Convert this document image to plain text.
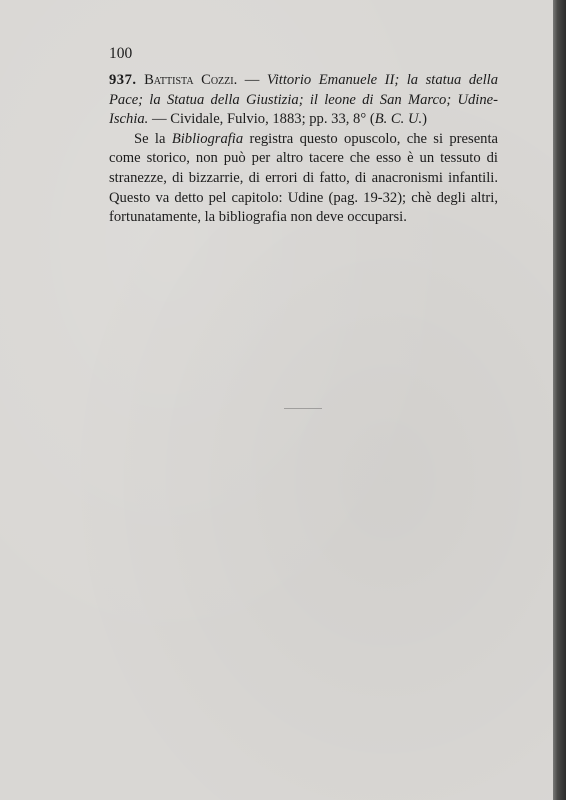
100

937. Battista Cozzi. — Vittorio Emanuele II; la statua della Pace; la Statua della Giustizia; il leone di San Marco; Udine-Ischia. — Cividale, Fulvio, 1883; pp. 33, 8° (B. C. U.)

Se la Bibliografia registra questo opuscolo, che si presenta come storico, non può per altro tacere che esso è un tessuto di stranezze, di bizzarrie, di errori di fatto, di anacronismi infantili. Questo va detto pel capitolo: Udine (pag. 19-32); chè degli altri, fortunatamente, la bibliografia non deve occuparsi.
